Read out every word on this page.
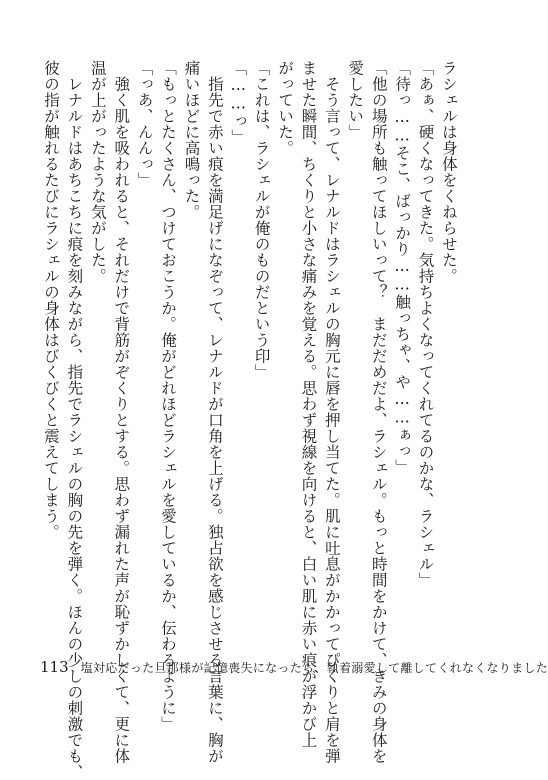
ラシェルは身体をくねらせた。
「あぁ、硬くなってきた。気持ちよくなってくれてるのかな、ラシェル」
「待っ……そこ、ばっかり……触っちゃ、や……ぁっ」
「他の場所も触ってほしいって？　まだだめだよ、ラシェル。もっと時間をかけて、きみの身体を
愛したい」
　そう言って、レナルドはラシェルの胸元に唇を押し当てた。肌に吐息がかかってぴくりと肩を弾
ませた瞬間、ちくりと小さな痛みを覚える。思わず視線を向けると、白い肌に赤い痕が浮かび上
がっていた。
「これは、ラシェルが俺のものだという印」
「……っ」
　指先で赤い痕を満足げになぞって、レナルドが口角を上げる。独占欲を感じさせる言葉に、胸が
痛いほどに高鳴った。
「もっとたくさん、つけておこうか。俺がどれほどラシェルを愛しているか、伝わるように」
「っあ、んんっ」
　強く肌を吸われると、それだけで背筋がぞくりとする。思わず漏れた声が恥ずかしくて、更に体
温が上がったような気がした。
　レナルドはあちこちに痕を刻みながら、指先でラシェルの胸の先を弾く。ほんの少しの刺激でも、
彼の指が触れるたびにラシェルの身体はびくびくと震えてしまう。
113 塩対応だった旦那様が記憶喪失になったら、執着溺愛して離してくれなくなりました
